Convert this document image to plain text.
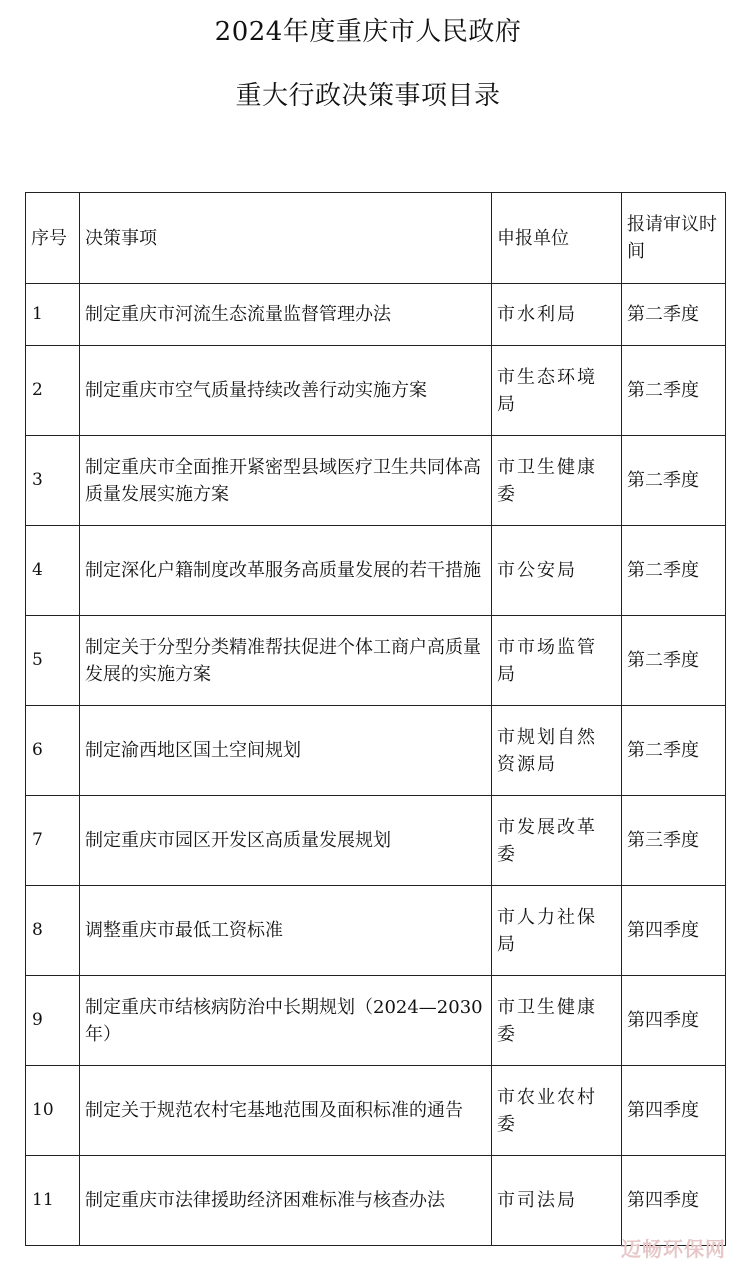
2024年度重庆市人民政府
重大行政决策事项目录
序号	决策事项	申报单位	报请审议时间
1	制定重庆市河流生态流量监督管理办法	市水利局	第二季度
2	制定重庆市空气质量持续改善行动实施方案	市生态环境局	第二季度
3	制定重庆市全面推开紧密型县域医疗卫生共同体高质量发展实施方案	市卫生健康委	第二季度
4	制定深化户籍制度改革服务高质量发展的若干措施	市公安局	第二季度
5	制定关于分型分类精准帮扶促进个体工商户高质量发展的实施方案	市市场监管局	第二季度
6	制定渝西地区国土空间规划	市规划自然资源局	第二季度
7	制定重庆市园区开发区高质量发展规划	市发展改革委	第三季度
8	调整重庆市最低工资标准	市人力社保局	第四季度
9	制定重庆市结核病防治中长期规划（2024—2030年）	市卫生健康委	第四季度
10	制定关于规范农村宅基地范围及面积标准的通告	市农业农村委	第四季度
11	制定重庆市法律援助经济困难标准与核查办法	市司法局	第四季度
迈畅环保网
